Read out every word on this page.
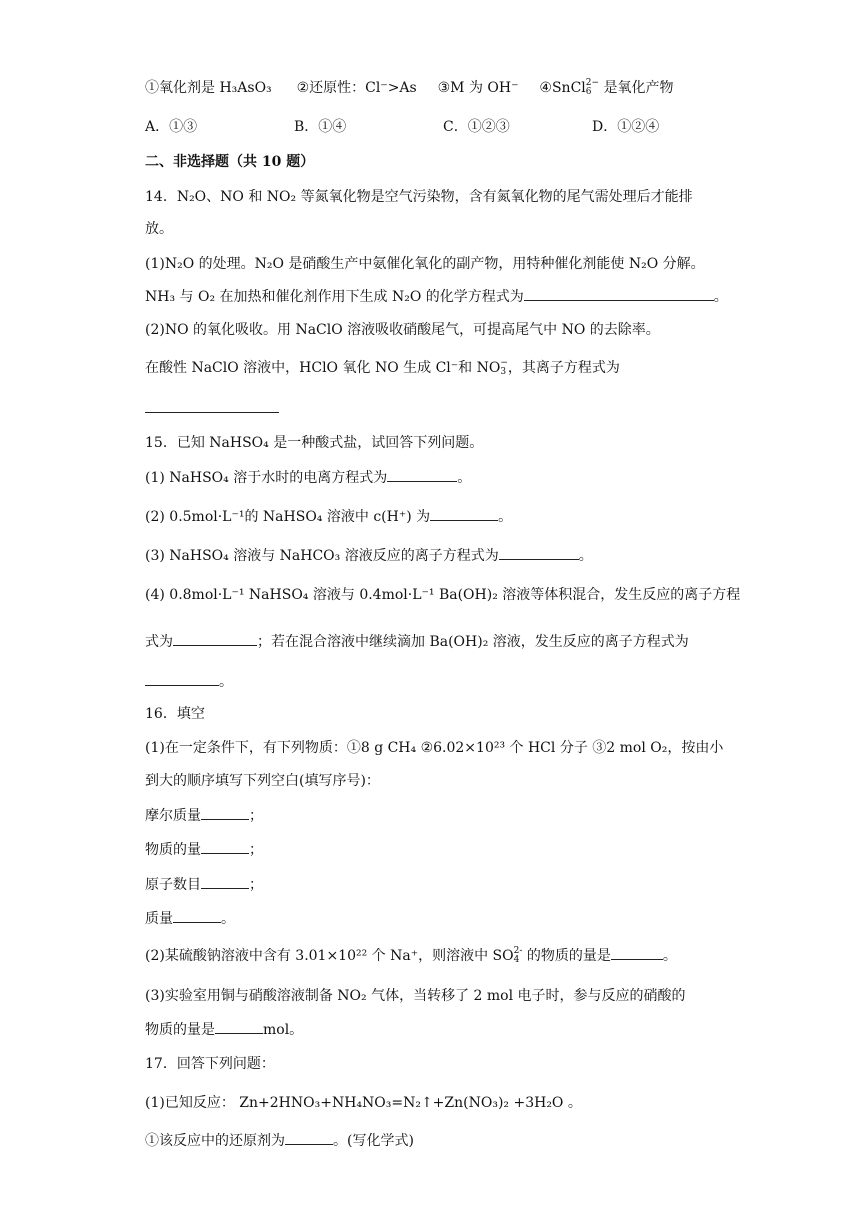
①氧化剂是 H₃AsO₃ ②还原性：Cl⁻>As ③M 为 OH⁻ ④SnCl2−
6 是氧化产物
A．①③	B．①④	C．①②③	D．①②④
二、非选择题（共 10 题）
14．N₂O、NO 和 NO₂ 等氮氧化物是空气污染物，含有氮氧化物的尾气需处理后才能排
放。
(1)N₂O 的处理。N₂O 是硝酸生产中氨催化氧化的副产物，用特种催化剂能使 N₂O 分解。
NH₃ 与 O₂ 在加热和催化剂作用下生成 N₂O 的化学方程式为	。
(2)NO 的氧化吸收。用 NaClO 溶液吸收硝酸尾气，可提高尾气中 NO 的去除率。
在酸性 NaClO 溶液中，HClO 氧化 NO 生成 Cl⁻和 NO−
3 ，其离子方程式为
15．已知 NaHSO₄ 是一种酸式盐，试回答下列问题。
(1) NaHSO₄ 溶于水时的电离方程式为	。
(2) 0.5mol·L⁻¹的 NaHSO₄ 溶液中 c(H⁺) 为	。
(3) NaHSO₄ 溶液与 NaHCO₃ 溶液反应的离子方程式为	。
(4) 0.8mol·L⁻¹ NaHSO₄ 溶液与 0.4mol·L⁻¹ Ba(OH)₂ 溶液等体积混合，发生反应的离子方程
式为	；若在混合溶液中继续滴加 Ba(OH)₂ 溶液，发生反应的离子方程式为
。
16．填空
(1)在一定条件下，有下列物质：①8 g CH₄ ②6.02×10²³ 个 HCl 分子 ③2 mol O₂，按由小
到大的顺序填写下列空白(填写序号)：
摩尔质量	；
物质的量	；
原子数目	；
质量	。
(2)某硫酸钠溶液中含有 3.01×10²² 个 Na⁺，则溶液中 SO2-
4 的物质的量是	。
(3)实验室用铜与硝酸溶液制备 NO₂ 气体，当转移了 2 mol 电子时，参与反应的硝酸的
物质的量是	mol。
17．回答下列问题：
(1)已知反应： Zn+2HNO₃+NH₄NO₃=N₂↑+Zn(NO₃)₂ +3H₂O 。
①该反应中的还原剂为	。(写化学式)
